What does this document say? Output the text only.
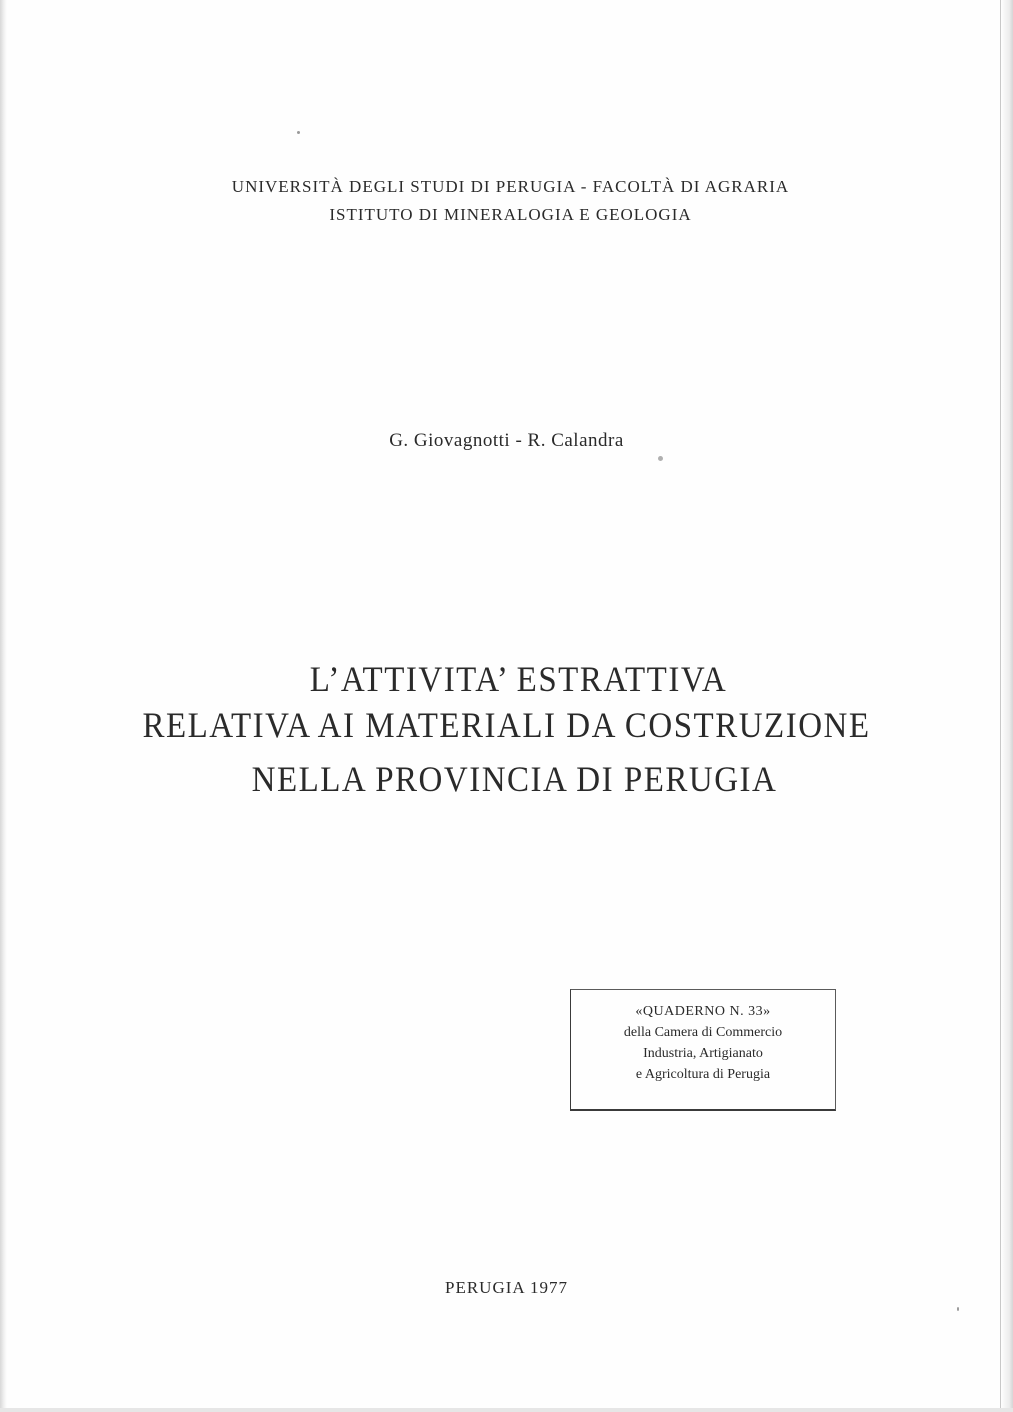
UNIVERSITÀ DEGLI STUDI DI PERUGIA - FACOLTÀ DI AGRARIA
ISTITUTO DI MINERALOGIA E GEOLOGIA
G. Giovagnotti - R. Calandra
L’ATTIVITA’ ESTRATTIVA
RELATIVA AI MATERIALI DA COSTRUZIONE
NELLA PROVINCIA DI PERUGIA
«QUADERNO N. 33»
della Camera di Commercio
Industria, Artigianato
e Agricoltura di Perugia
PERUGIA 1977
